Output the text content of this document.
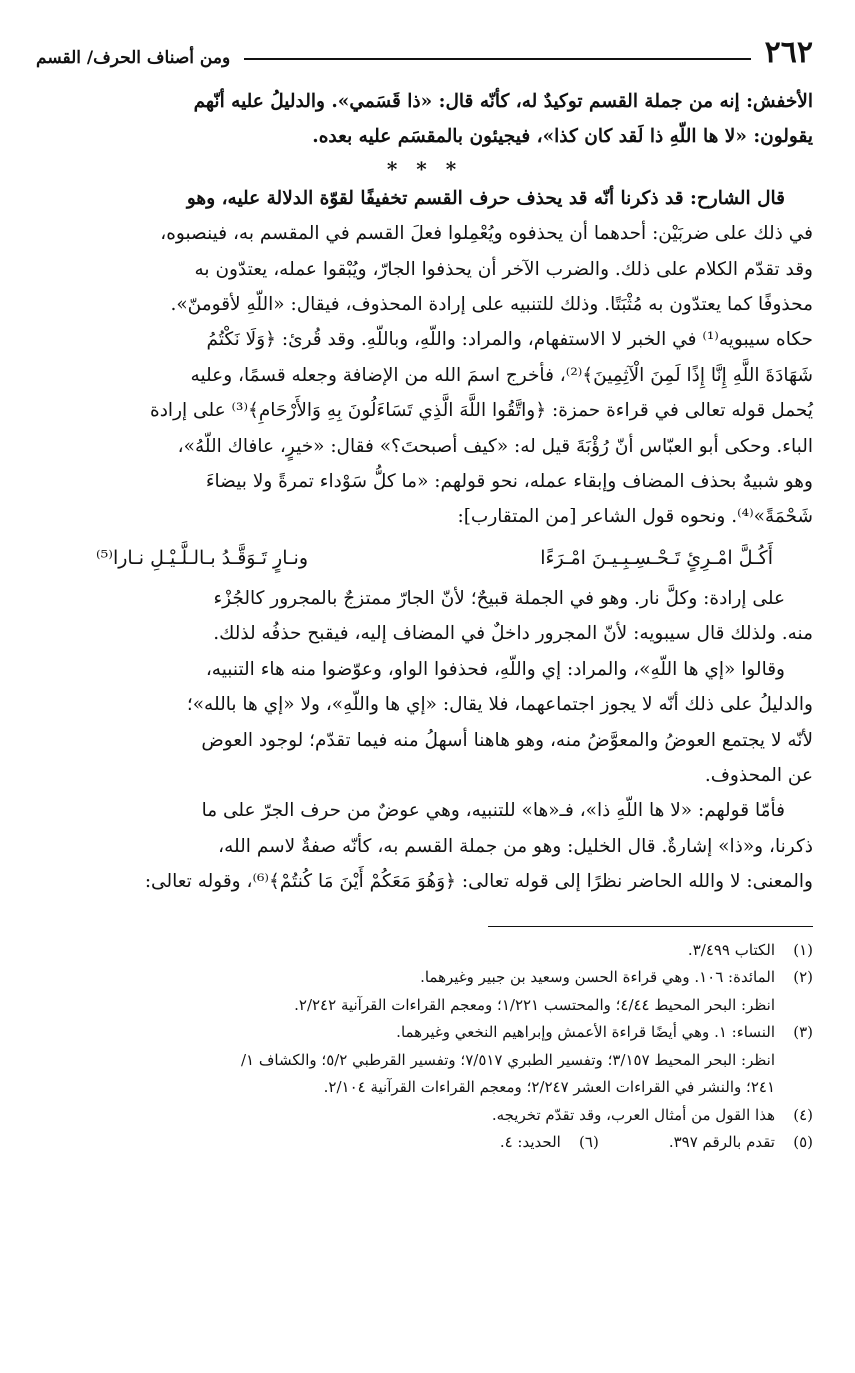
٢٦٢
ومن أصناف الحرف/ القسم

الأخفش: إنه من جملة القسم توكيدٌ له، كأنّه قال: «ذا قَسَمي». والدليلُ عليه أنّهم

يقولون: «لا ها اللّهِ ذا لَقد كان كذا»، فيجيئون بالمقسَم عليه بعده.

* * *

قال الشارح: قد ذكرنا أنّه قد يحذف حرف القسم تخفيفًا لقوّة الدلالة عليه، وهو

في ذلك على ضربَيْن: أحدهما أن يحذفوه ويُعْمِلوا فعلَ القسم في المقسم به، فينصبوه،

وقد تقدّم الكلام على ذلك. والضرب الآخر أن يحذفوا الجارّ، ويُبْقوا عمله، يعتدّون به

محذوفًا كما يعتدّون به مُثْبَتًا. وذلك للتنبيه على إرادة المحذوف، فيقال: «اللّهِ لأقومنّ».

حكاه سيبويه⁽¹⁾ في الخبر لا الاستفهام، والمراد: واللّهِ، وباللّهِ. وقد قُرئ: ﴿وَلَا نَكْتُمُ

شَهَادَةَ اللَّهِ إِنَّا إِذًا لَمِنَ الْآثِمِينَ﴾⁽²⁾، فأخرج اسمَ الله من الإضافة وجعله قسمًا، وعليه

يُحمل قوله تعالى في قراءة حمزة: ﴿واتَّقُوا اللَّهَ الَّذِي تَسَاءَلُونَ بِهِ وَالأَرْحَامِ﴾⁽³⁾ على إرادة

الباء. وحكى أبو العبّاس أنّ رُؤْبَةَ قيل له: «كيف أصبحتَ؟» فقال: «خيرٍ، عافاك اللّهُ»،

وهو شبيهٌ بحذف المضاف وإبقاء عمله، نحو قولهم: «ما كلُّ سَوْداء تمرةً ولا بيضاءَ

شَحْمَةً»⁽⁴⁾. ونحوه قول الشاعر [من المتقارب]:

أَكُـلَّ امْـرِئٍ تَـحْـسِـبِـيـنَ امْـرَءًا
ونـارٍ تَـوَقَّـدُ بـالـلَّـيْـلِ نـارا⁽⁵⁾

على إرادة: وكلَّ نار. وهو في الجملة قبيحٌ؛ لأنّ الجارّ ممتزجٌ بالمجرور كالجُزْء

منه. ولذلك قال سيبويه: لأنّ المجرور داخلٌ في المضاف إليه، فيقبح حذفُه لذلك.

وقالوا «إي ها اللّهِ»، والمراد: إي واللّهِ، فحذفوا الواو، وعوّضوا منه هاء التنبيه،

والدليلُ على ذلك أنّه لا يجوز اجتماعهما، فلا يقال: «إي ها واللّهِ»، ولا «إي ها بالله»؛

لأنّه لا يجتمع العوضُ والمعوَّضُ منه، وهو هاهنا أسهلُ منه فيما تقدّم؛ لوجود العوض

عن المحذوف.

فأمّا قولهم: «لا ها اللّهِ ذا»، فـ«ها» للتنبيه، وهي عوضٌ من حرف الجرّ على ما

ذكرنا، و«ذا» إشارةٌ. قال الخليل: وهو من جملة القسم به، كأنّه صفةٌ لاسم الله،

والمعنى: لا والله الحاضر نظرًا إلى قوله تعالى: ﴿وَهُوَ مَعَكُمْ أَيْنَ مَا كُنتُمْ﴾⁽⁶⁾، وقوله تعالى:

(١)الكتاب ٣/٤٩٩.

(٢)المائدة: ١٠٦. وهي قراءة الحسن وسعيد بن جبير وغيرهما.

انظر: البحر المحيط ٤/٤٤؛ والمحتسب ١/٢٢١؛ ومعجم القراءات القرآنية ٢/٢٤٢.

(٣)النساء: ١. وهي أيضًا قراءة الأعمش وإبراهيم النخعي وغيرهما.

انظر: البحر المحيط ٣/١٥٧؛ وتفسير الطبري ٧/٥١٧؛ وتفسير القرطبي ٥/٢؛ والكشاف ١/

٢٤١؛ والنشر في القراءات العشر ٢/٢٤٧؛ ومعجم القراءات القرآنية ٢/١٠٤.

(٤)هذا القول من أمثال العرب، وقد تقدّم تخريجه.

(٥)تقدم بالرقم ٣٩٧.
(٦)الحديد: ٤.
